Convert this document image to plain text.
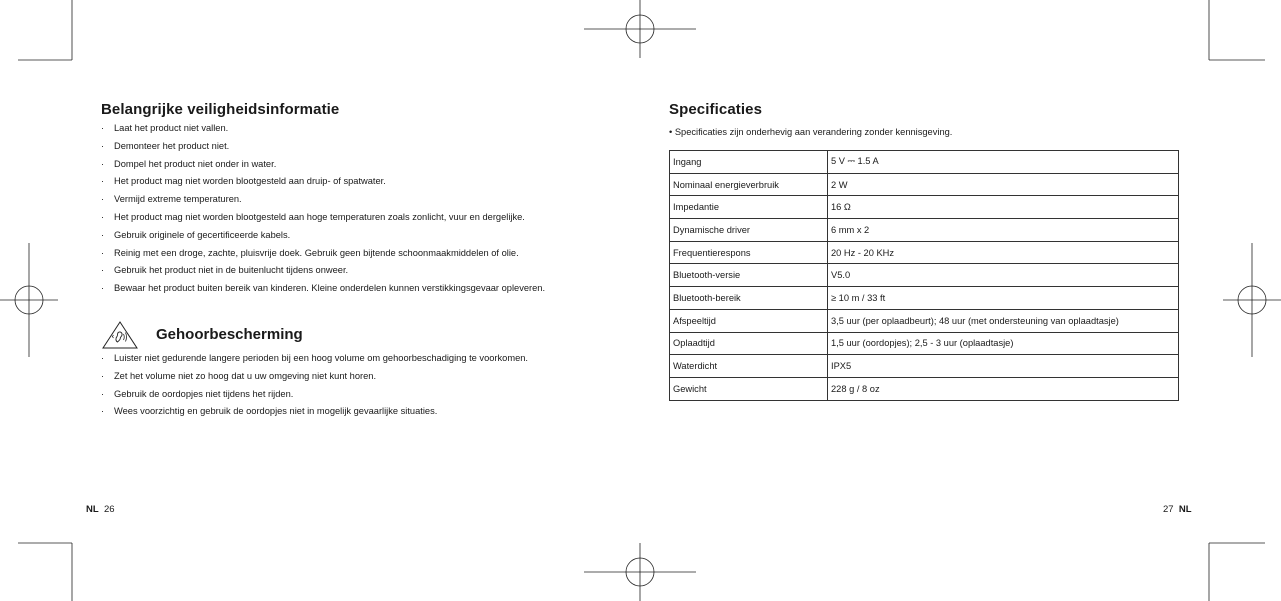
Belangrijke veiligheidsinformatie
· Laat het product niet vallen.
· Demonteer het product niet.
· Dompel het product niet onder in water.
· Het product mag niet worden blootgesteld aan druip- of spatwater.
· Vermijd extreme temperaturen.
· Het product mag niet worden blootgesteld aan hoge temperaturen zoals zonlicht, vuur en dergelijke.
· Gebruik originele of gecertificeerde kabels.
· Reinig met een droge, zachte, pluisvrije doek. Gebruik geen bijtende schoonmaakmiddelen of olie.
· Gebruik het product niet in de buitenlucht tijdens onweer.
· Bewaar het product buiten bereik van kinderen. Kleine onderdelen kunnen verstikkingsgevaar opleveren.
Gehoorbescherming
· Luister niet gedurende langere perioden bij een hoog volume om gehoorbeschadiging te voorkomen.
· Zet het volume niet zo hoog dat u uw omgeving niet kunt horen.
· Gebruik de oordopjes niet tijdens het rijden.
· Wees voorzichtig en gebruik de oordopjes niet in mogelijk gevaarlijke situaties.
Specificaties
• Specificaties zijn onderhevig aan verandering zonder kennisgeving.
Ingang	5 V ⎓ 1.5 A
Nominaal energieverbruik	2 W
Impedantie	16 Ω
Dynamische driver	6 mm x 2
Frequentierespons	20 Hz - 20 KHz
Bluetooth-versie	V5.0
Bluetooth-bereik	≥ 10 m / 33 ft
Afspeeltijd	3,5 uur (per oplaadbeurt); 48 uur (met ondersteuning van oplaadtasje)
Oplaadtijd	1,5 uur (oordopjes); 2,5 - 3 uur (oplaadtasje)
Waterdicht	IPX5
Gewicht	228 g / 8 oz
NL 26	27 NL
